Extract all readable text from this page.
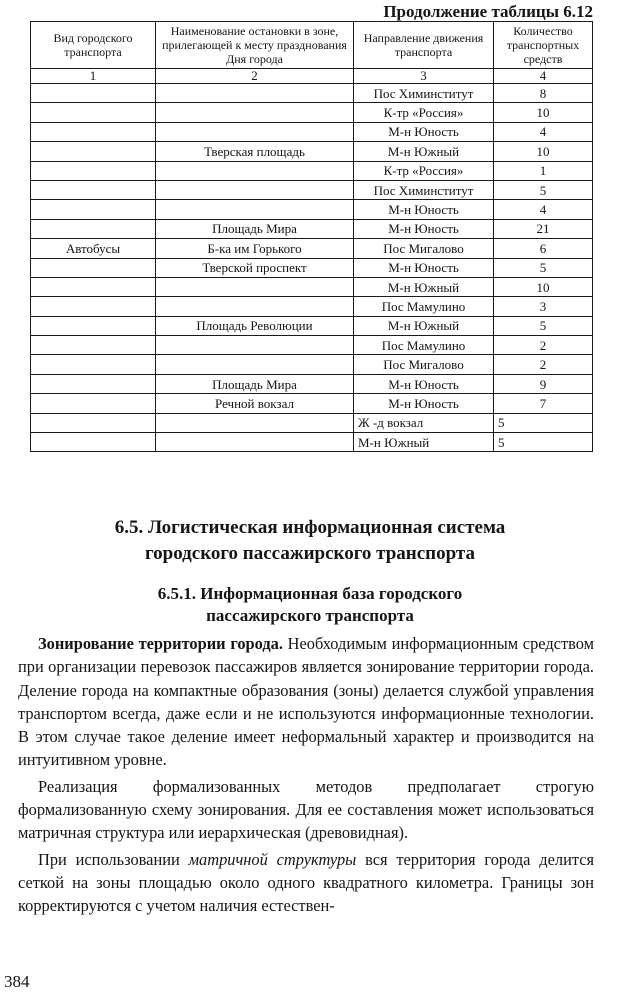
Продолжение таблицы 6.12
Вид городского транспорта	Наименование остановки в зоне, прилегающей к месту празднования Дня города	Направление движения транспорта	Количество транспортных средств
1	2	3	4
		Пос Химинститут	8
		К-тр «Россия»	10
		М-н Юность	4
	Тверская площадь	М-н Южный	10
		К-тр «Россия»	1
		Пос Химинститут	5
		М-н Юность	4
	Площадь Мира	М-н Юность	21
Автобусы	Б-ка им Горького	Пос Мигалово	6
	Тверской проспект	М-н Юность	5
		М-н Южный	10
		Пос Мамулино	3
	Площадь Революции	М-н Южный	5
		Пос Мамулино	2
		Пос Мигалово	2
	Площадь Мира	М-н Юность	9
	Речной вокзал	М-н Юность	7
		Ж -д вокзал	5
		М-н Южный	5
6.5. Логистическая информационная система
городского пассажирского транспорта
6.5.1. Информационная база городского
пассажирского транспорта

Зонирование территории города. Необходимым информационным средством при организации перевозок пассажиров является зонирование территории города. Деление города на компактные образования (зоны) делается службой управления транспортом всегда, даже если и не используются информационные технологии. В этом случае такое деление имеет неформальный характер и производится на интуитивном уровне.

Реализация формализованных методов предполагает строгую формализованную схему зонирования. Для ее составления может использоваться матричная структура или иерархическая (древовидная).

При использовании матричной структуры вся территория города делится сеткой на зоны площадью около одного квадратного километра. Границы зон корректируются с учетом наличия естествен-

384
